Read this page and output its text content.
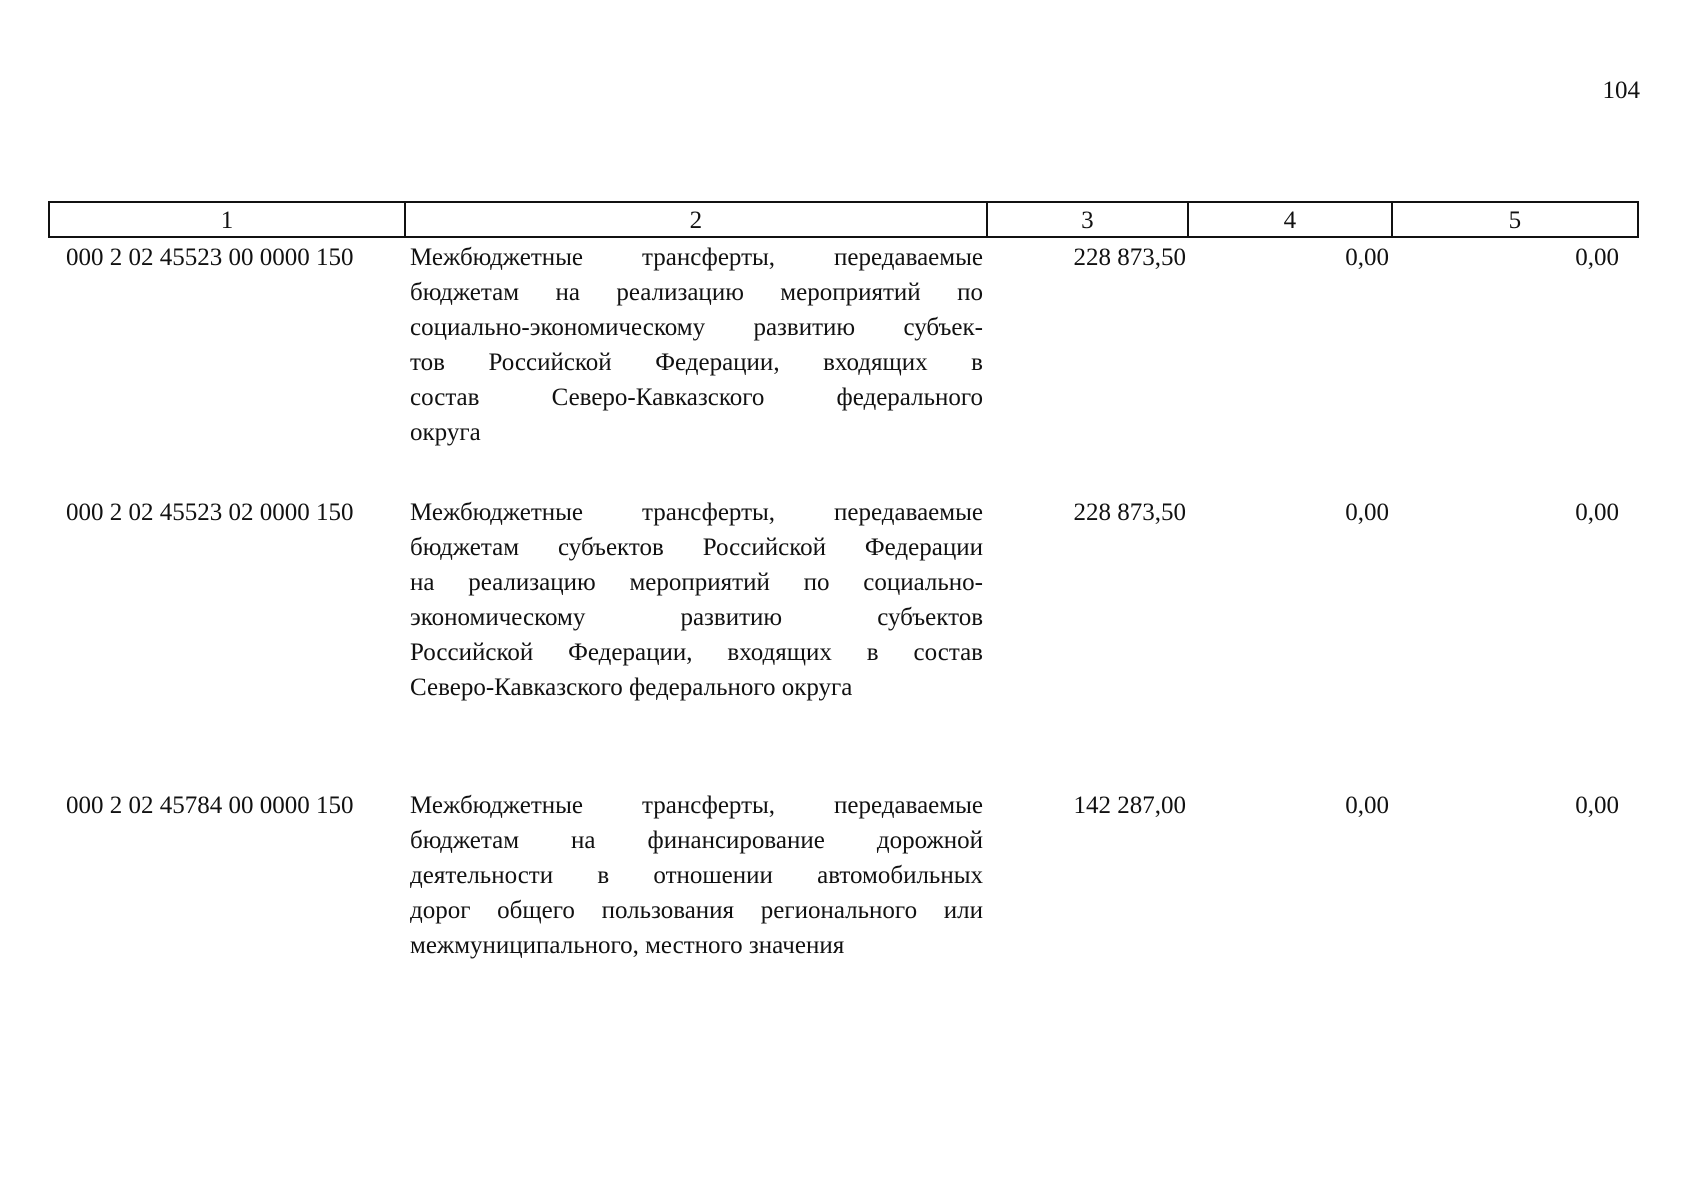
104
1	2	3	4	5
000 2 02 45523 00 0000 150	Межбюджетные трансферты, передаваемые
бюджетам на реализацию мероприятий по
социально-экономическому развитию субъек-
тов Российской Федерации, входящих в
состав Северо-Кавказского федерального
округа
228 873,50	0,00	0,00
000 2 02 45523 02 0000 150	Межбюджетные трансферты, передаваемые
бюджетам субъектов Российской Федерации
на реализацию мероприятий по социально-
экономическому развитию субъектов
Российской Федерации, входящих в состав
Северо-Кавказского федерального округа
228 873,50	0,00	0,00
000 2 02 45784 00 0000 150	Межбюджетные трансферты, передаваемые
бюджетам на финансирование дорожной
деятельности в отношении автомобильных
дорог общего пользования регионального или
межмуниципального, местного значения
142 287,00	0,00	0,00
